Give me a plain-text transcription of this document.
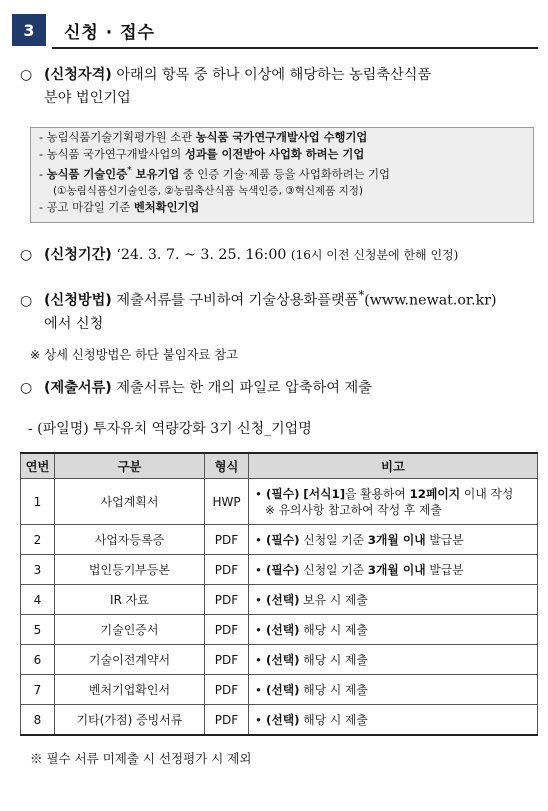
3	신청 · 접수
○ (신청자격) 아래의 항목 중 하나 이상에 해당하는 농림축산식품
분야 법인기업
- 농림식품기술기획평가원 소관 농식품 국가연구개발사업 수행기업
- 농식품 국가연구개발사업의 성과를 이전받아 사업화 하려는 기업
- 농식품 기술인증* 보유기업 중 인증 기술·제품 등을 사업화하려는 기업
(①농림식품신기술인증, ②농림축산식품 녹색인증, ③혁신제품 지정)
- 공고 마감일 기준 벤처확인기업
○ (신청기간) ‘24. 3. 7. ~ 3. 25. 16:00 (16시 이전 신청분에 한해 인정)
○ (신청방법) 제출서류를 구비하여 기술상용화플랫폼*(www.newat.or.kr)
에서 신청
※ 상세 신청방법은 하단 붙임자료 참고
○ (제출서류) 제출서류는 한 개의 파일로 압축하여 제출
- (파일명) 투자유치 역량강화 3기 신청_기업명
연번	구분	형식	비고
1	사업계획서	HWP	• (필수) [서식1]을 활용하여 12페이지 이내 작성
※ 유의사항 참고하여 작성 후 제출

2	사업자등록증	PDF	• (필수) 신청일 기준 3개월 이내 발급분

3	법인등기부등본	PDF	• (필수) 신청일 기준 3개월 이내 발급분

4	IR 자료	PDF	• (선택) 보유 시 제출

5	기술인증서	PDF	• (선택) 해당 시 제출

6	기술이전계약서	PDF	• (선택) 해당 시 제출

7	벤처기업확인서	PDF	• (선택) 해당 시 제출

8	기타(가점) 증빙서류	PDF	• (선택) 해당 시 제출
※ 필수 서류 미제출 시 선정평가 시 제외
